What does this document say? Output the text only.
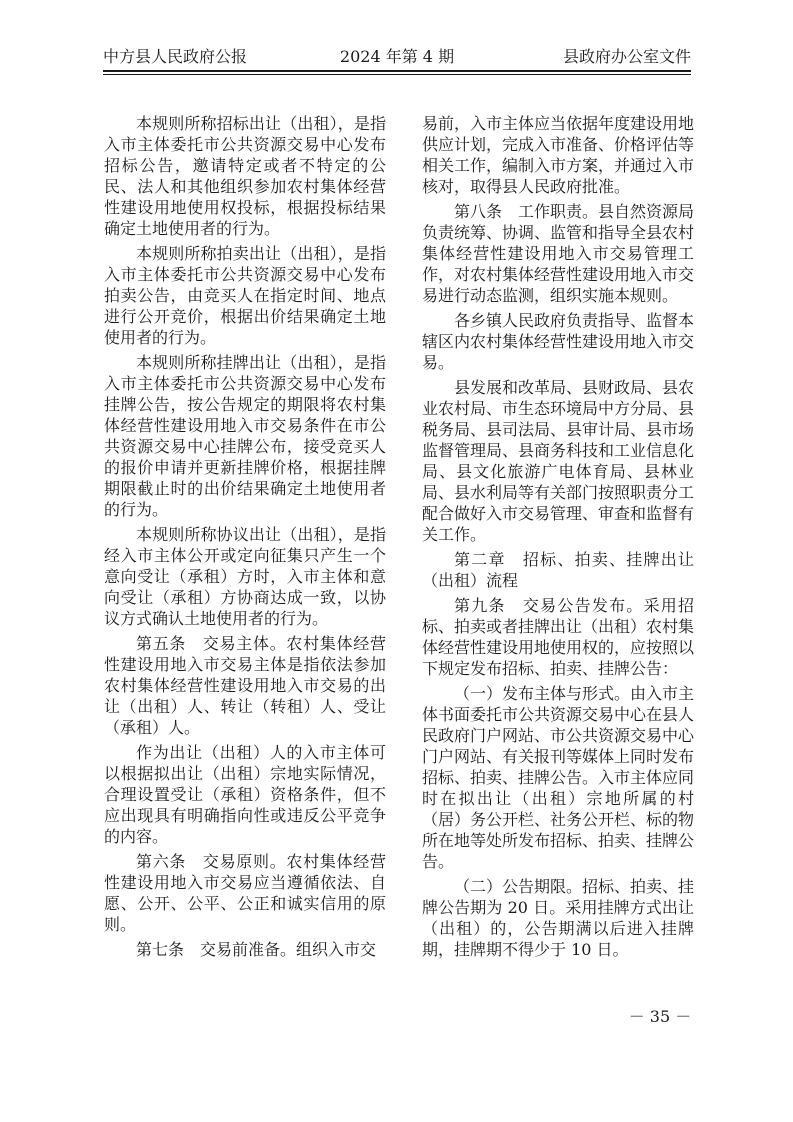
中方县人民政府公报	2024 年第 4 期	县政府办公室文件

本规则所称招标出让（出租），是指入市主体委托市公共资源交易中心发布招标公告，邀请特定或者不特定的公民、法人和其他组织参加农村集体经营性建设用地使用权投标，根据投标结果确定土地使用者的行为。

本规则所称拍卖出让（出租），是指入市主体委托市公共资源交易中心发布拍卖公告，由竞买人在指定时间、地点进行公开竞价，根据出价结果确定土地使用者的行为。

本规则所称挂牌出让（出租），是指入市主体委托市公共资源交易中心发布挂牌公告，按公告规定的期限将农村集体经营性建设用地入市交易条件在市公共资源交易中心挂牌公布，接受竞买人的报价申请并更新挂牌价格，根据挂牌期限截止时的出价结果确定土地使用者的行为。

本规则所称协议出让（出租），是指经入市主体公开或定向征集只产生一个意向受让（承租）方时，入市主体和意向受让（承租）方协商达成一致，以协议方式确认土地使用者的行为。

第五条　交易主体。农村集体经营性建设用地入市交易主体是指依法参加农村集体经营性建设用地入市交易的出让（出租）人、转让（转租）人、受让（承租）人。

作为出让（出租）人的入市主体可以根据拟出让（出租）宗地实际情况，合理设置受让（承租）资格条件，但不应出现具有明确指向性或违反公平竞争的内容。

第六条　交易原则。农村集体经营性建设用地入市交易应当遵循依法、自愿、公开、公平、公正和诚实信用的原则。

第七条　交易前准备。组织入市交

易前，入市主体应当依据年度建设用地供应计划，完成入市准备、价格评估等相关工作，编制入市方案，并通过入市核对，取得县人民政府批准。

第八条　工作职责。县自然资源局负责统筹、协调、监管和指导全县农村集体经营性建设用地入市交易管理工作，对农村集体经营性建设用地入市交易进行动态监测，组织实施本规则。

各乡镇人民政府负责指导、监督本辖区内农村集体经营性建设用地入市交易。

县发展和改革局、县财政局、县农业农村局、市生态环境局中方分局、县税务局、县司法局、县审计局、县市场监督管理局、县商务科技和工业信息化局、县文化旅游广电体育局、县林业局、县水利局等有关部门按照职责分工配合做好入市交易管理、审查和监督有关工作。

第二章　招标、拍卖、挂牌出让（出租）流程

第九条　交易公告发布。采用招标、拍卖或者挂牌出让（出租）农村集体经营性建设用地使用权的，应按照以下规定发布招标、拍卖、挂牌公告：

（一）发布主体与形式。由入市主体书面委托市公共资源交易中心在县人民政府门户网站、市公共资源交易中心门户网站、有关报刊等媒体上同时发布招标、拍卖、挂牌公告。入市主体应同时在拟出让（出租）宗地所属的村（居）务公开栏、社务公开栏、标的物所在地等处所发布招标、拍卖、挂牌公告。

（二）公告期限。招标、拍卖、挂牌公告期为 20 日。采用挂牌方式出让（出租）的，公告期满以后进入挂牌期，挂牌期不得少于 10 日。

－ 35 －
